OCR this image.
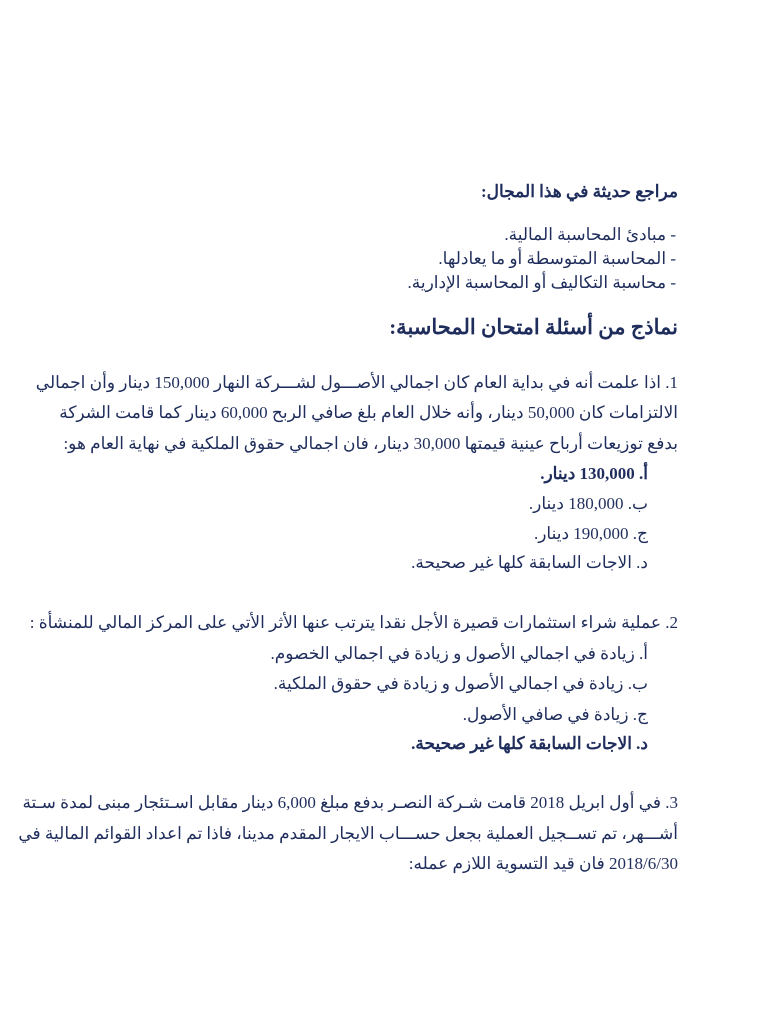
مراجع حديثة في هذا المجال:
- مبادئ المحاسبة المالية.
- المحاسبة المتوسطة أو ما يعادلها.
- محاسبة التكاليف أو المحاسبة الإدارية.
نماذج من أسئلة امتحان المحاسبة:
1. اذا علمت أنه في بداية العام كان اجمالي الأصـــول لشـــركة النهار 150,000 دينار وأن اجمالي
الالتزامات كان 50,000 دينار، وأنه خلال العام بلغ صافي الربح 60,000 دينار كما قامت الشركة
بدفع توزيعات أرباح عينية قيمتها 30,000 دينار، فان اجمالي حقوق الملكية في نهاية العام هو:
أ. 130,000 دينار.
ب. 180,000 دينار.
ج. 190,000 دينار.
د. الاجات السابقة كلها غير صحيحة.
2. عملية شراء استثمارات قصيرة الأجل نقدا يترتب عنها الأثر الأتي على المركز المالي للمنشأة :
أ. زيادة في اجمالي الأصول و زيادة في اجمالي الخصوم.
ب. زيادة في اجمالي الأصول و زيادة في حقوق الملكية.
ج. زيادة في صافي الأصول.
د. الاجات السابقة كلها غير صحيحة.
3. في أول ابريل 2018 قامت شـركة النصـر بدفع مبلغ 6,000 دينار مقابل اسـتئجار مبنى لمدة سـتة
أشـــهر، تم تســجيل العملية بجعل حســـاب الايجار المقدم مدينا، فاذا تم اعداد القوائم المالية في
2018/6/30 فان قيد التسوية اللازم عمله:
